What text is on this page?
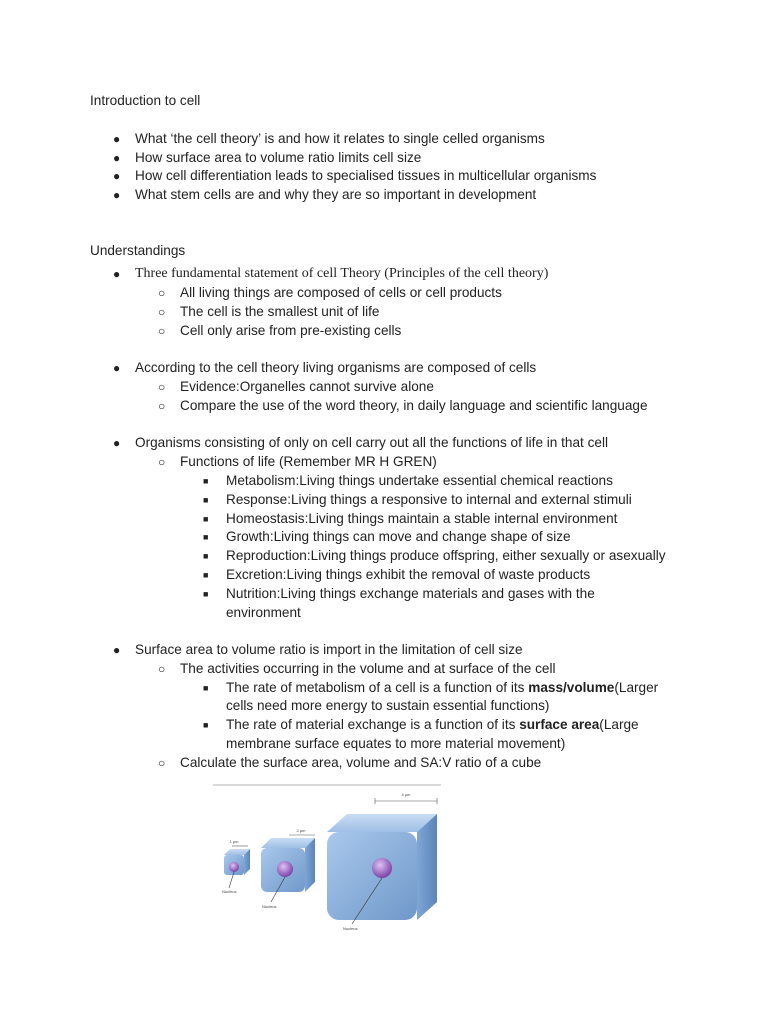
Introduction to cell
● What ‘the cell theory’ is and how it relates to single celled organisms
● How surface area to volume ratio limits cell size
● How cell differentiation leads to specialised tissues in multicellular organisms
● What stem cells are and why they are so important in development
Understandings
● Three fundamental statement of cell Theory (Principles of the cell theory)
○ All living things are composed of cells or cell products
○ The cell is the smallest unit of life
○ Cell only arise from pre-existing cells
● According to the cell theory living organisms are composed of cells
○ Evidence:Organelles cannot survive alone
○ Compare the use of the word theory, in daily language and scientific language
● Organisms consisting of only on cell carry out all the functions of life in that cell
○ Functions of life (Remember MR H GREN)
■ Metabolism:Living things undertake essential chemical reactions
■ Response:Living things a responsive to internal and external stimuli
■ Homeostasis:Living things maintain a stable internal environment
■ Growth:Living things can move and change shape of size
■ Reproduction:Living things produce offspring, either sexually or asexually
■ Excretion:Living things exhibit the removal of waste products
■ Nutrition:Living things exchange materials and gases with the
environment
● Surface area to volume ratio is import in the limitation of cell size
○ The activities occurring in the volume and at surface of the cell
■ The rate of metabolism of a cell is a function of its mass/volume(Larger
cells need more energy to sustain essential functions)
■ The rate of material exchange is a function of its surface area(Large
membrane surface equates to more material movement)
○ Calculate the surface area, volume and SA:V ratio of a cube
1 μm
2 μm
4 μm
Nucleus
Nucleus
Nucleus
